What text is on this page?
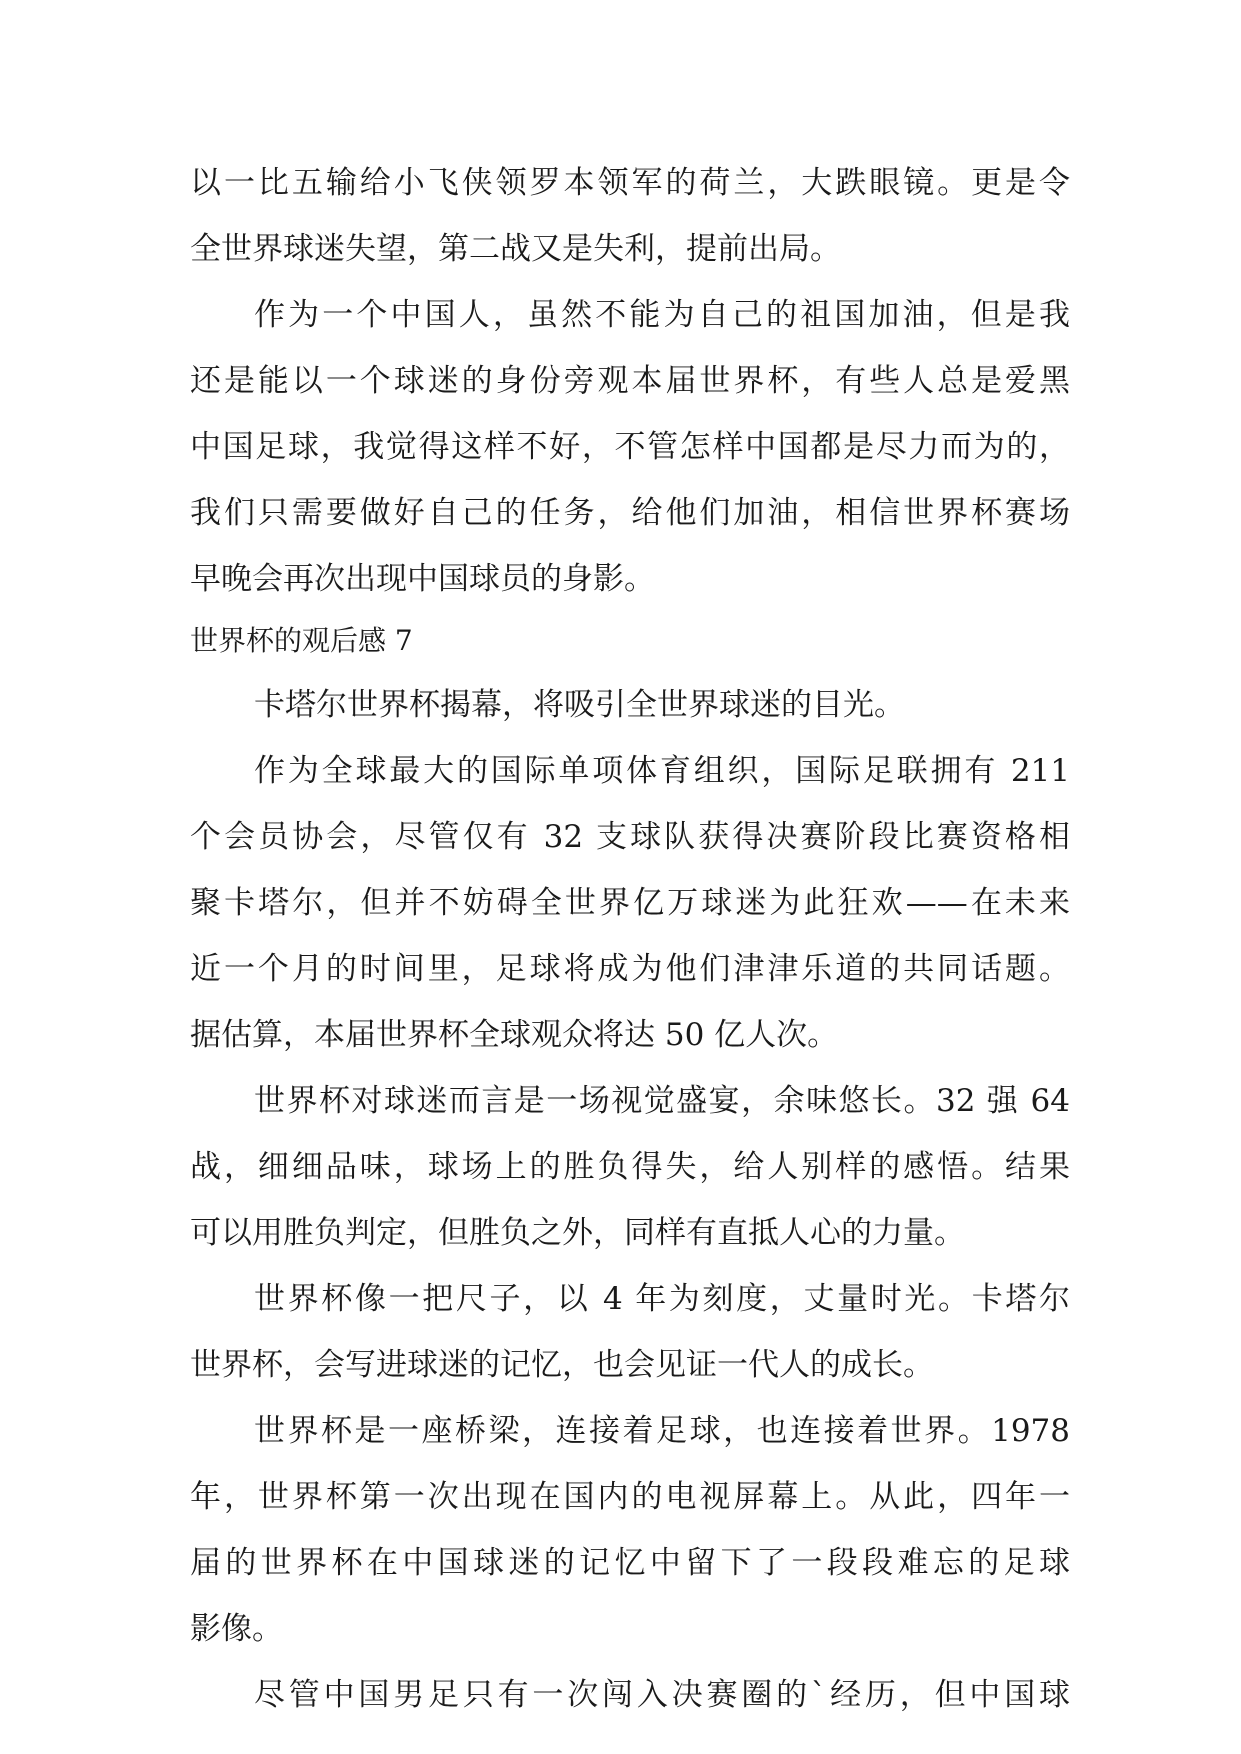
以一比五输给小飞侠领罗本领军的荷兰，大跌眼镜。更是令
全世界球迷失望，第二战又是失利，提前出局。
作为一个中国人，虽然不能为自己的祖国加油，但是我
还是能以一个球迷的身份旁观本届世界杯，有些人总是爱黑
中国足球，我觉得这样不好，不管怎样中国都是尽力而为的，
我们只需要做好自己的任务，给他们加油，相信世界杯赛场
早晚会再次出现中国球员的身影。
世界杯的观后感 7
卡塔尔世界杯揭幕，将吸引全世界球迷的目光。
作为全球最大的国际单项体育组织，国际足联拥有 211
个会员协会，尽管仅有 32 支球队获得决赛阶段比赛资格相
聚卡塔尔，但并不妨碍全世界亿万球迷为此狂欢——在未来
近一个月的时间里，足球将成为他们津津乐道的共同话题。
据估算，本届世界杯全球观众将达 50 亿人次。
世界杯对球迷而言是一场视觉盛宴，余味悠长。32 强 64
战，细细品味，球场上的胜负得失，给人别样的感悟。结果
可以用胜负判定，但胜负之外，同样有直抵人心的力量。
世界杯像一把尺子，以 4 年为刻度，丈量时光。卡塔尔
世界杯，会写进球迷的记忆，也会见证一代人的成长。
世界杯是一座桥梁，连接着足球，也连接着世界。1978
年，世界杯第一次出现在国内的电视屏幕上。从此，四年一
届的世界杯在中国球迷的记忆中留下了一段段难忘的足球
影像。
尽管中国男足只有一次闯入决赛圈的`经历，但中国球
